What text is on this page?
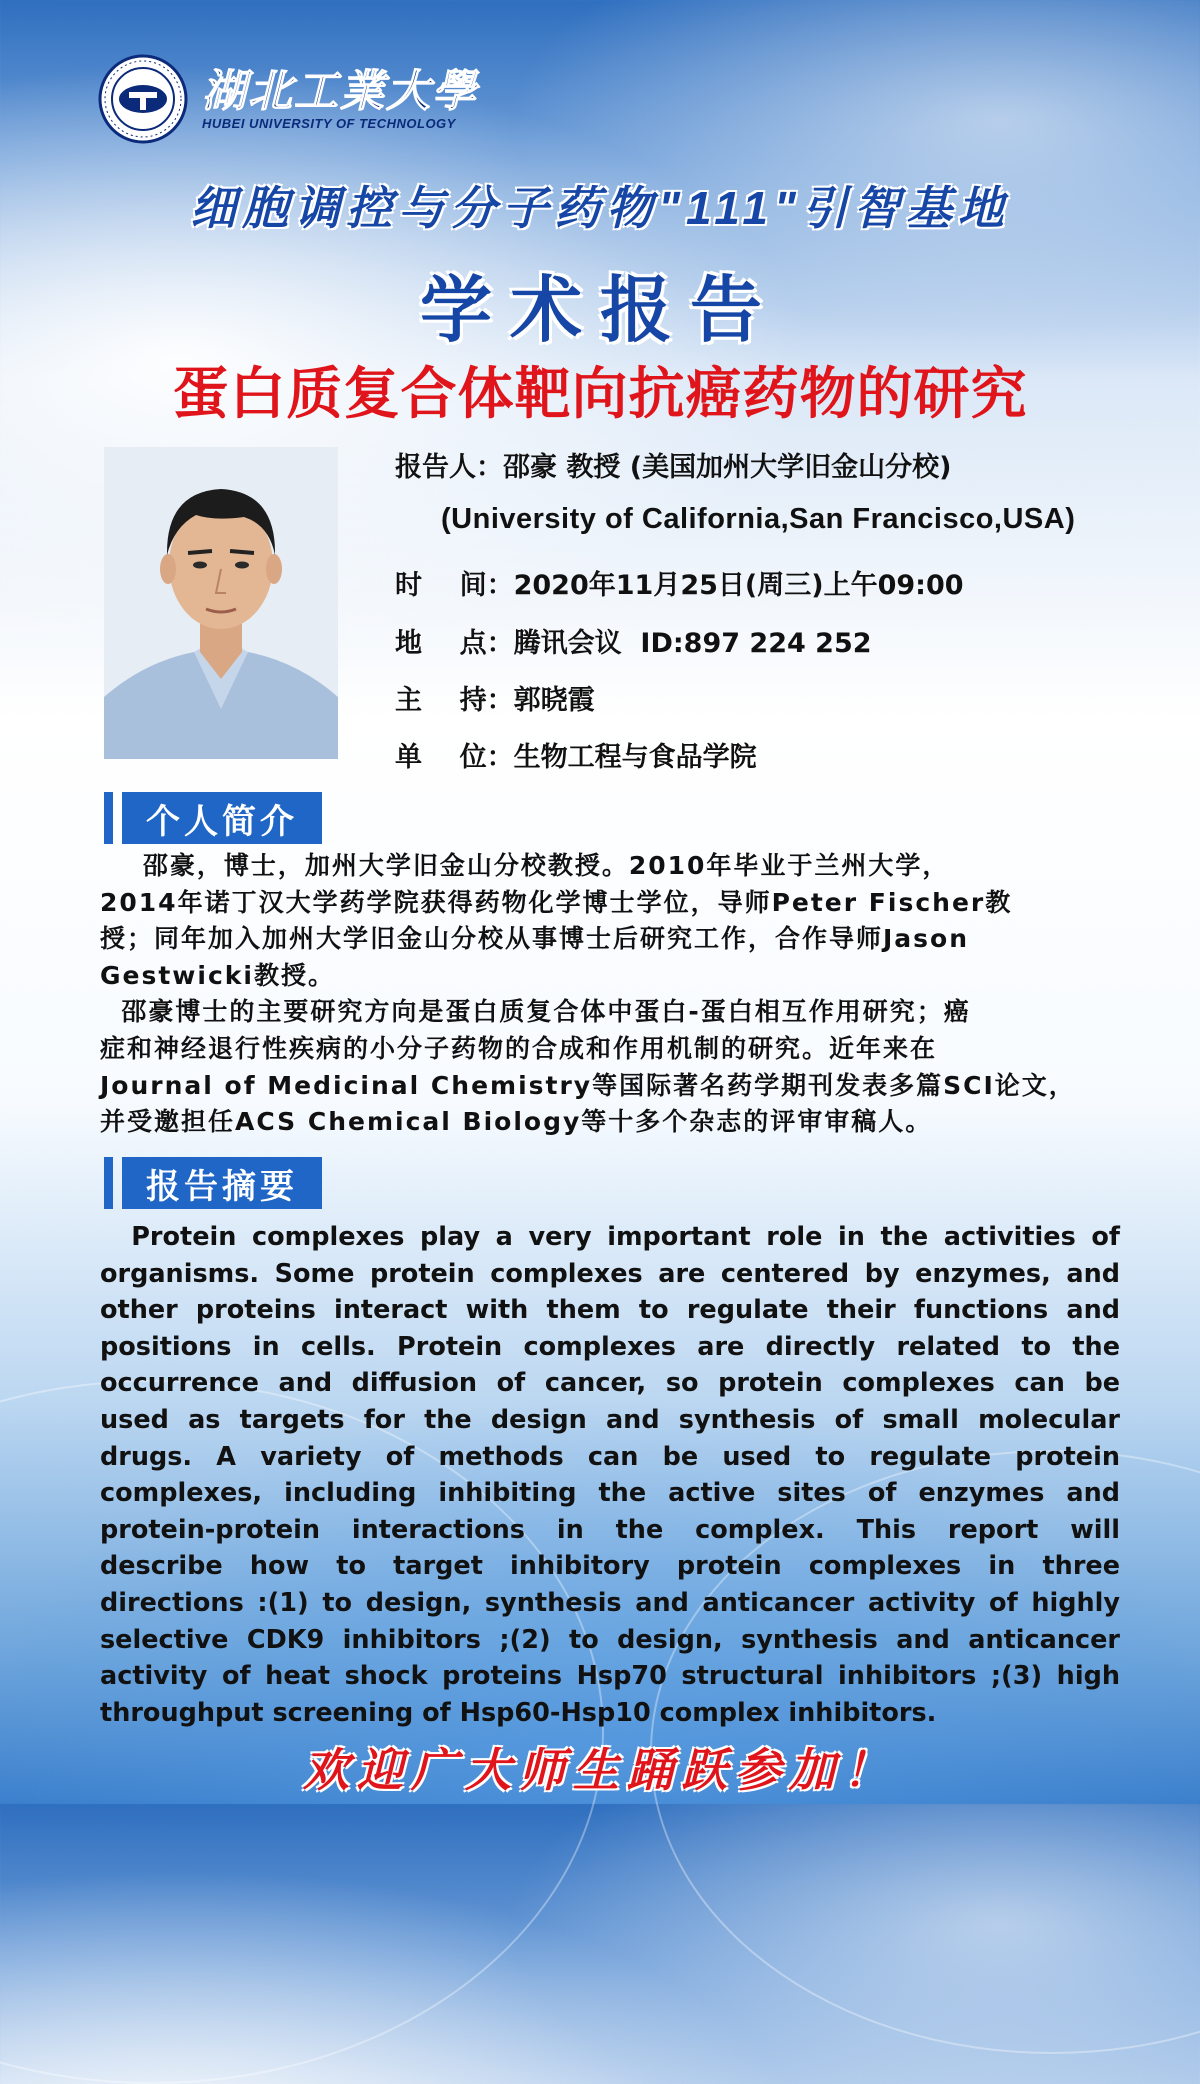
湖北工業大學
HUBEI UNIVERSITY OF TECHNOLOGY
细胞调控与分子药物"111"引智基地
学术报告
蛋白质复合体靶向抗癌药物的研究
报告人：邵豪 教授 (美国加州大学旧金山分校)
(University of California,San Francisco,USA)
时    间：2020年11月25日(周三)上午09:00
地    点：腾讯会议  ID:897 224 252
主    持：郭晓霞
单    位：生物工程与食品学院
个人简介
邵豪，博士，加州大学旧金山分校教授。2010年毕业于兰州大学，
2014年诺丁汉大学药学院获得药物化学博士学位，导师Peter Fischer教
授；同年加入加州大学旧金山分校从事博士后研究工作，合作导师Jason
Gestwicki教授。
邵豪博士的主要研究方向是蛋白质复合体中蛋白-蛋白相互作用研究；癌
症和神经退行性疾病的小分子药物的合成和作用机制的研究。近年来在
Journal of Medicinal Chemistry等国际著名药学期刊发表多篇SCI论文，
并受邀担任ACS Chemical Biology等十多个杂志的评审审稿人。
报告摘要
Protein complexes play a very important role in the activities of
organisms. Some protein complexes are centered by enzymes, and
other proteins interact with them to regulate their functions and
positions in cells. Protein complexes are directly related to the
occurrence and diffusion of cancer, so protein complexes can be
used as targets for the design and synthesis of small molecular
drugs. A variety of methods can be used to regulate protein
complexes, including inhibiting the active sites of enzymes and
protein-protein interactions in the complex. This report will
describe how to target inhibitory protein complexes in three
directions :(1) to design, synthesis and anticancer activity of highly
selective CDK9 inhibitors ;(2) to design, synthesis and anticancer
activity of heat shock proteins Hsp70 structural inhibitors ;(3) high
throughput screening of Hsp60-Hsp10 complex inhibitors.
欢迎广大师生踊跃参加！
